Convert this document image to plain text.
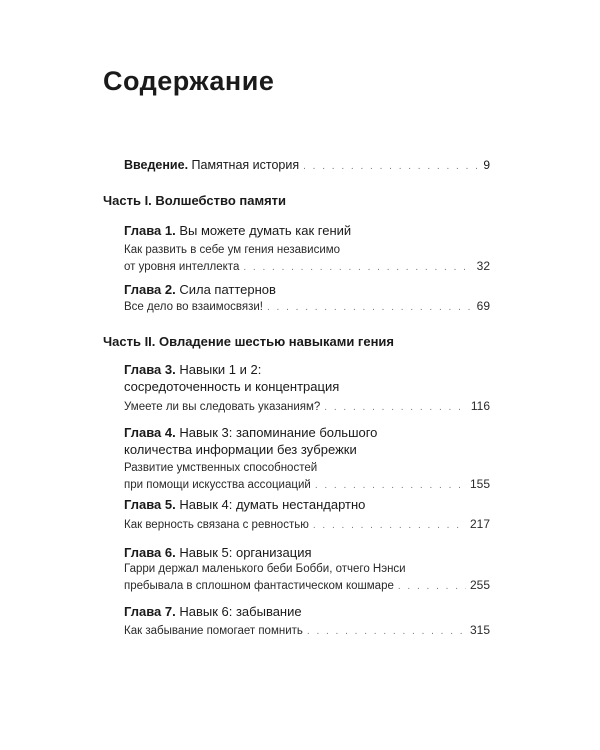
Содержание
Введение. Памятная история . . .	9
Часть I. Волшебство памяти
Глава 1. Вы можете думать как гений
Как развить в себе ум гения независимо
от уровня интеллекта . . .	32
Глава 2. Сила паттернов
Все дело во взаимосвязи! . . .	69
Часть II. Овладение шестью навыками гения
Глава 3. Навыки 1 и 2:
сосредоточенность и концентрация
Умеете ли вы следовать указаниям? . . .	116
Глава 4. Навык 3: запоминание большого
количества информации без зубрежки
Развитие умственных способностей
при помощи искусства ассоциаций . . .	155
Глава 5. Навык 4: думать нестандартно
Как верность связана с ревностью . . .	217
Глава 6. Навык 5: организация
Гарри держал маленького беби Бобби, отчего Нэнси
пребывала в сплошном фантастическом кошмаре . . .	255
Глава 7. Навык 6: забывание
Как забывание помогает помнить . . .	315
